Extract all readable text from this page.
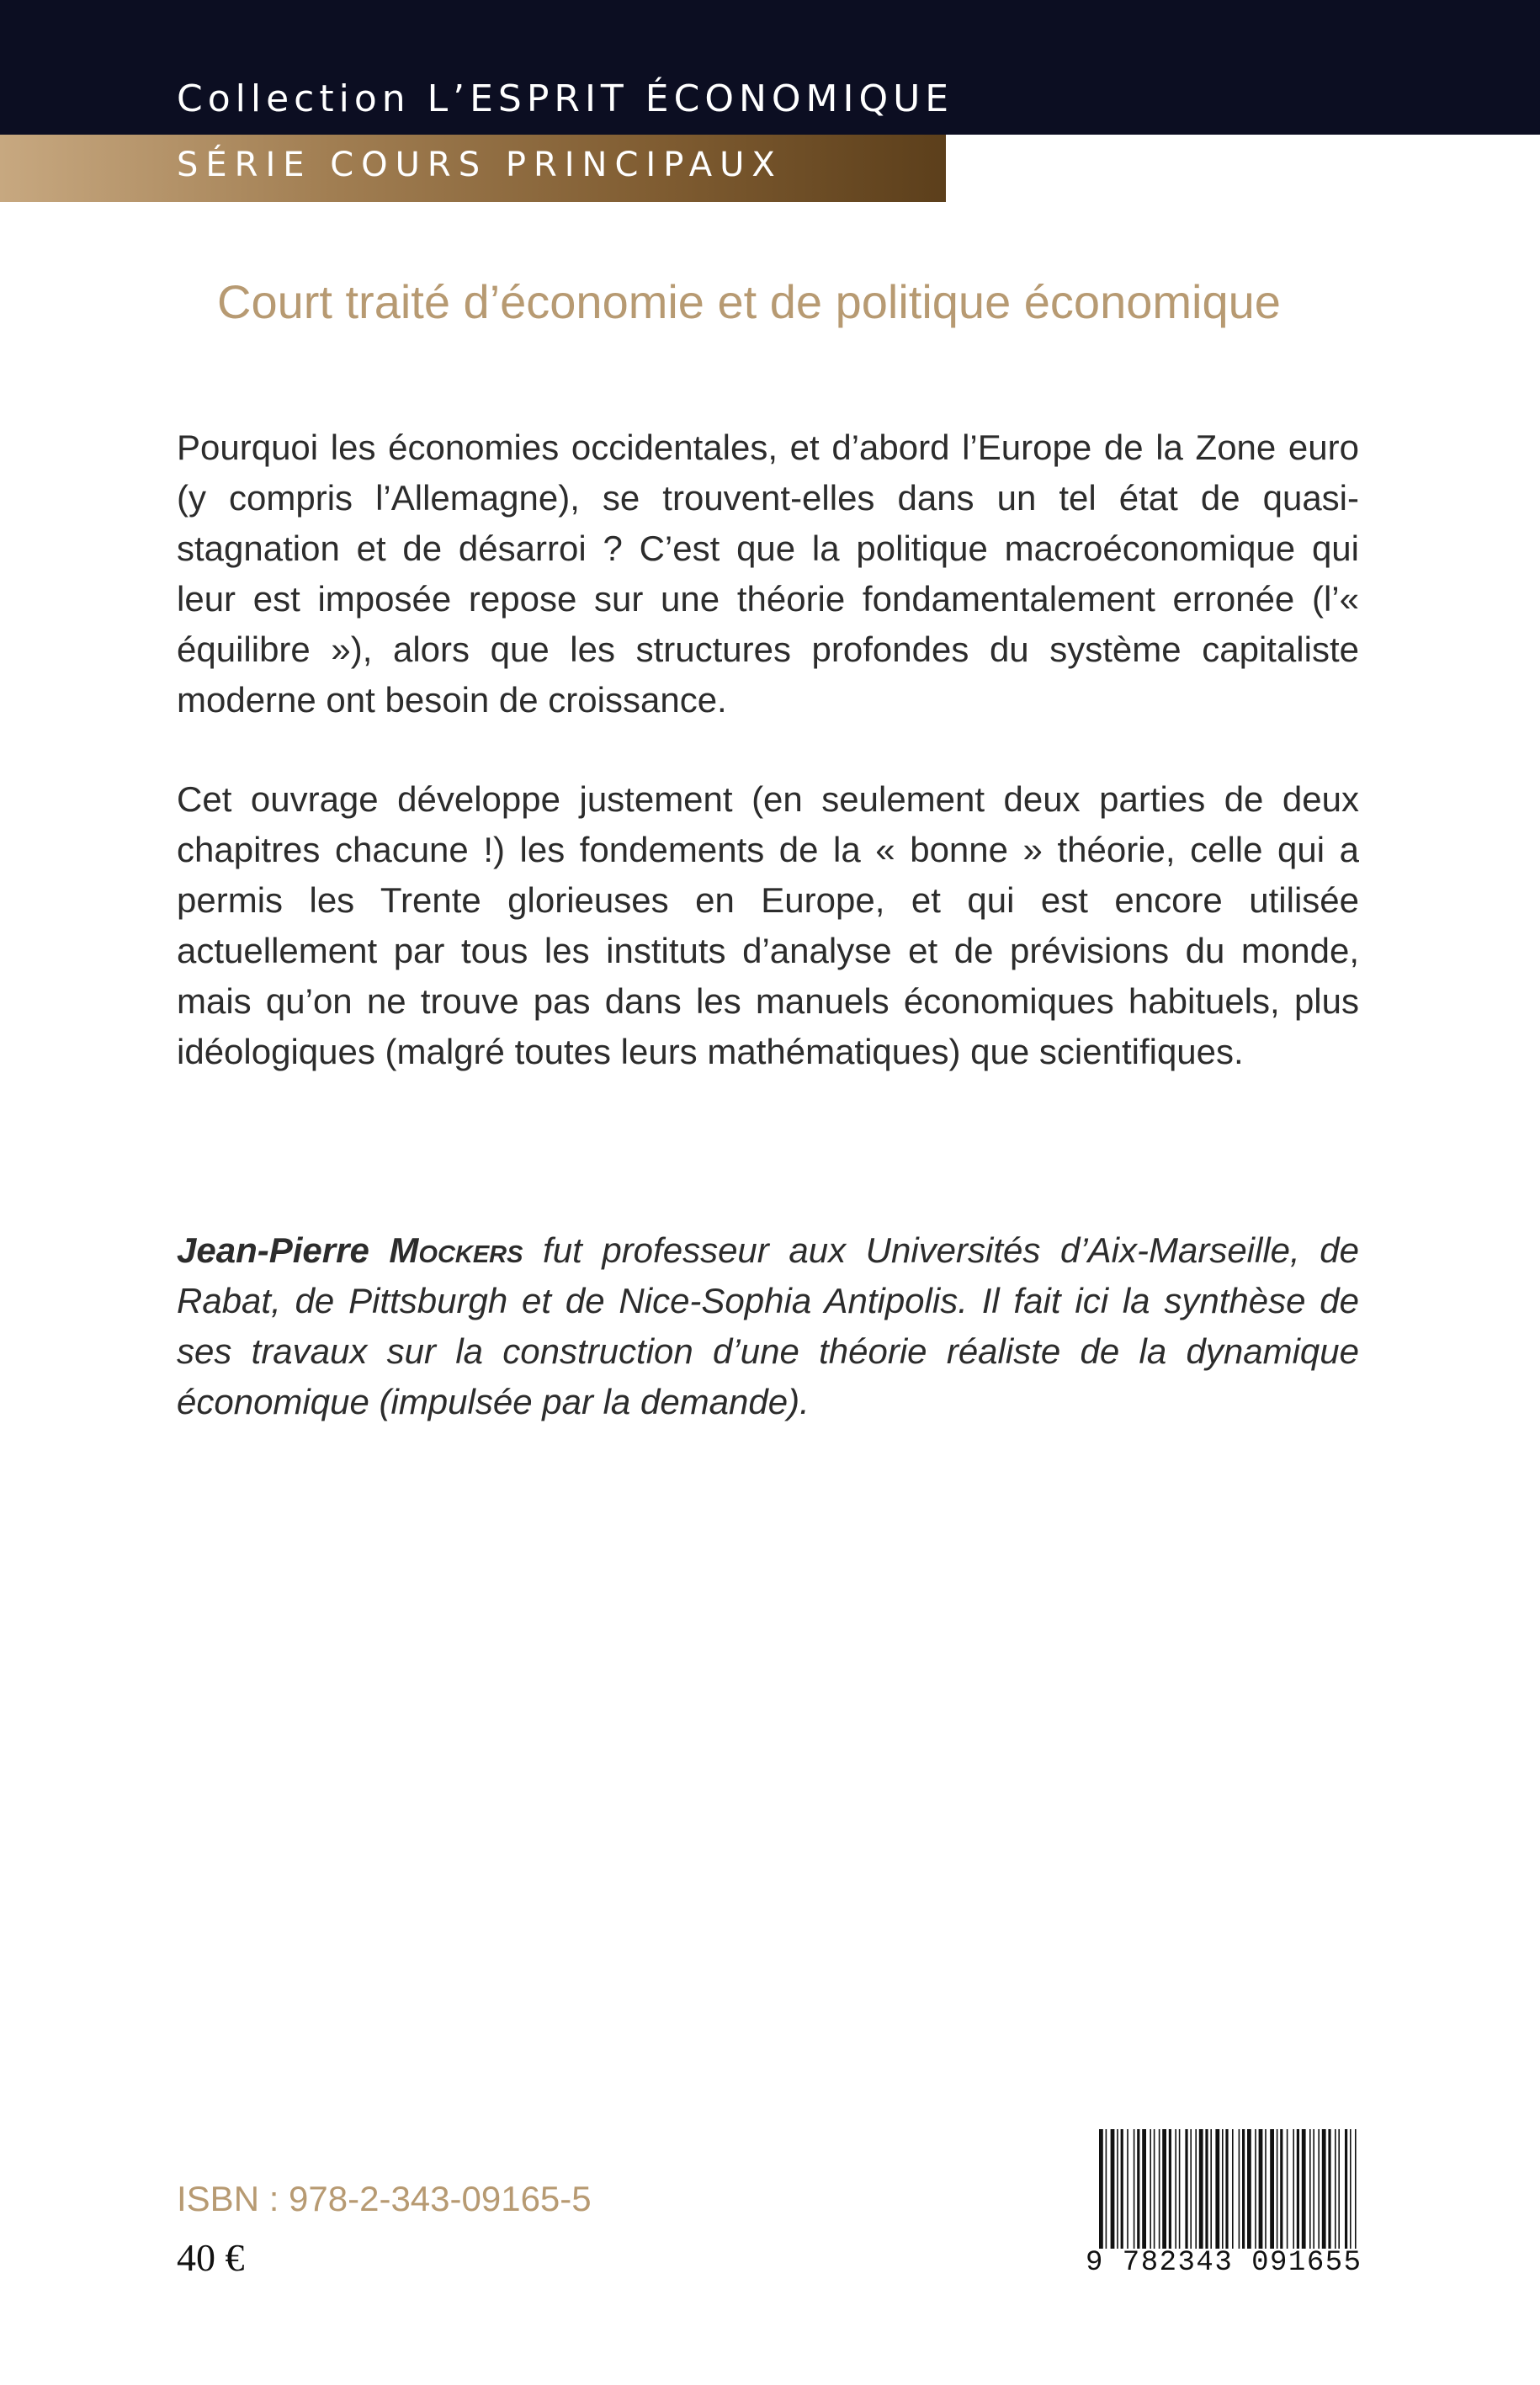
Collection L’ESPRIT ÉCONOMIQUE
SÉRIE COURS PRINCIPAUX
Court traité d’économie et de politique économique

Pourquoi les économies occidentales, et d’abord l’Europe de la Zone euro (y compris l’Allemagne), se trouvent-elles dans un tel état de quasi-stagnation et de désarroi ? C’est que la politique macroéconomique qui leur est imposée repose sur une théorie fondamentalement erronée (l’« équilibre »), alors que les structures profondes du système capitaliste moderne ont besoin de croissance.

Cet ouvrage développe justement (en seulement deux parties de deux chapitres chacune !) les fondements de la « bonne » théorie, celle qui a permis les Trente glorieuses en Europe, et qui est encore utilisée actuellement par tous les instituts d’analyse et de prévisions du monde, mais qu’on ne trouve pas dans les manuels économiques habituels, plus idéologiques (malgré toutes leurs mathématiques) que scientifiques.

Jean-Pierre Mockers fut professeur aux Universités d’Aix-Marseille, de Rabat, de Pittsburgh et de Nice-Sophia Antipolis. Il fait ici la synthèse de ses travaux sur la construction d’une théorie réaliste de la dynamique économique (impulsée par la demande).
ISBN : 978-2-343-09165-5
40 €	9 782343 091655
